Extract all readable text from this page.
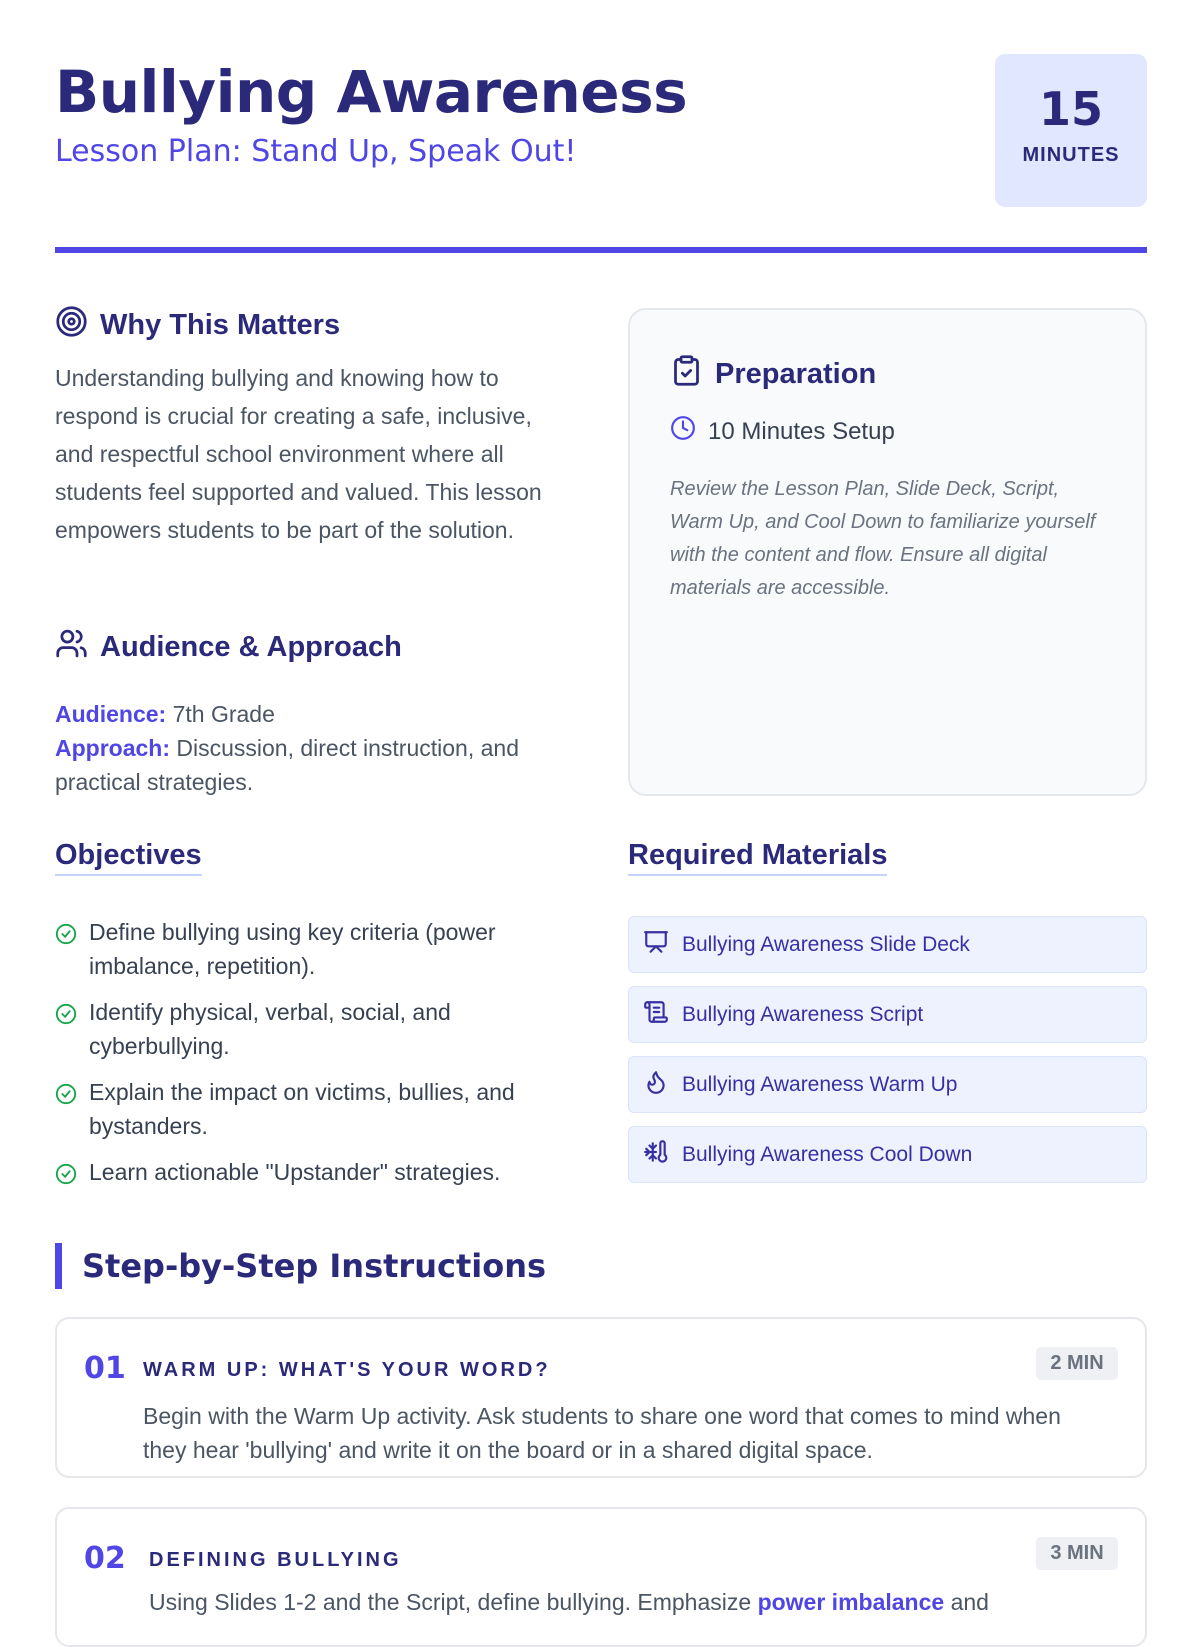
Bullying Awareness
Lesson Plan: Stand Up, Speak Out!
15
MINUTES
Why This Matters

Understanding bullying and knowing how to respond is crucial for creating a safe, inclusive, and respectful school environment where all students feel supported and valued. This lesson empowers students to be part of the solution.

Audience & Approach
Audience: 7th Grade
Approach: Discussion, direct instruction, and practical strategies.
Preparation
10 Minutes Setup

Review the Lesson Plan, Slide Deck, Script, Warm Up, and Cool Down to familiarize yourself with the content and flow. Ensure all digital materials are accessible.

Objectives
Define bullying using key criteria (power imbalance, repetition).
Identify physical, verbal, social, and cyberbullying.
Explain the impact on victims, bullies, and bystanders.
Learn actionable "Upstander" strategies.
Required Materials
Bullying Awareness Slide Deck
Bullying Awareness Script
Bullying Awareness Warm Up
Bullying Awareness Cool Down
Step-by-Step Instructions
01 WARM UP: WHAT'S YOUR WORD?	2 MIN

Begin with the Warm Up activity. Ask students to share one word that comes to mind when they hear 'bullying' and write it on the board or in a shared digital space.

02 DEFINING BULLYING	3 MIN

Using Slides 1-2 and the Script, define bullying. Emphasize power imbalance and
